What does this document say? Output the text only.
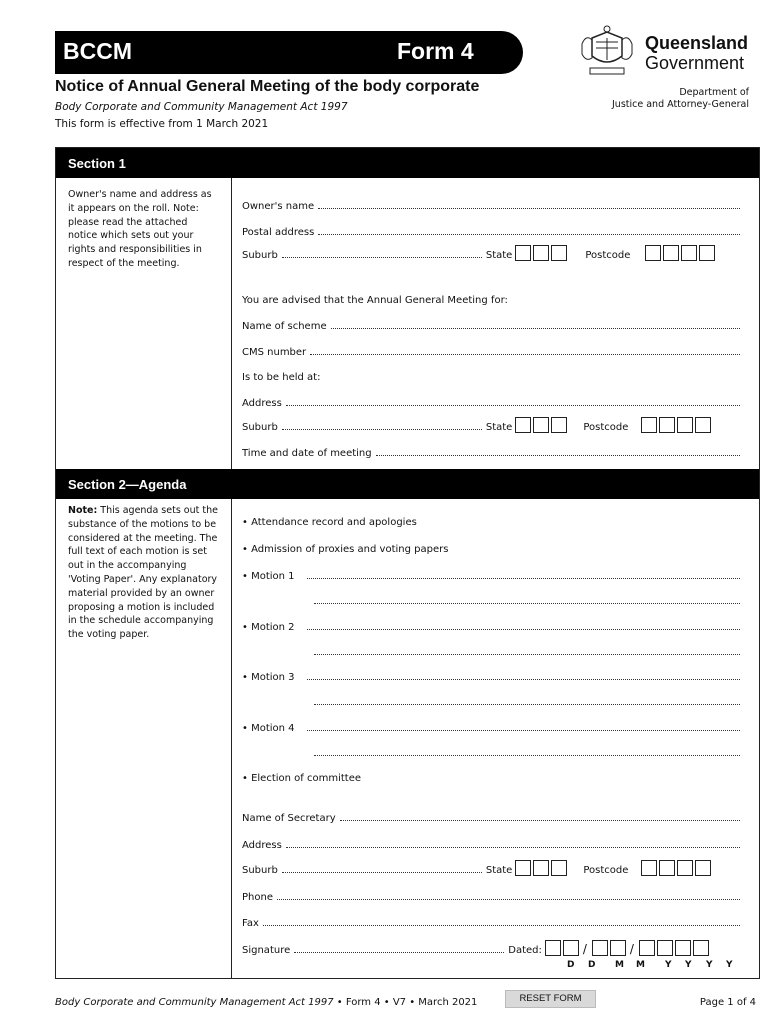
BCCM	Form 4	Queensland
Government
Notice of Annual General Meeting of the body corporate
Body Corporate and Community Management Act 1997
This form is effective from 1 March 2021
Department of
Justice and Attorney-General
Section 1
Owner's name and address as it appears on the roll. Note: please read the attached notice which sets out your rights and responsibilities in respect of the meeting.
Owner's name
Postal address
Suburb	State	Postcode
You are advised that the Annual General Meeting for:
Name of scheme
CMS number
Is to be held at:
Address
Suburb	State	Postcode
Time and date of meeting
Section 2—Agenda
Note: This agenda sets out the substance of the motions to be considered at the meeting. The full text of each motion is set out in the accompanying 'Voting Paper'. Any explanatory material provided by an owner proposing a motion is included in the schedule accompanying the voting paper.
• Attendance record and apologies
• Admission of proxies and voting papers
• Motion 1
• Motion 2
• Motion 3
• Motion 4
• Election of committee
Name of Secretary
Address
Suburb	State	Postcode
Phone
Fax
Signature	Dated:	/	/
D D M M Y Y Y Y
Body Corporate and Community Management Act 1997 • Form 4 • V7 • March 2021	RESET FORM	Page 1 of 4
